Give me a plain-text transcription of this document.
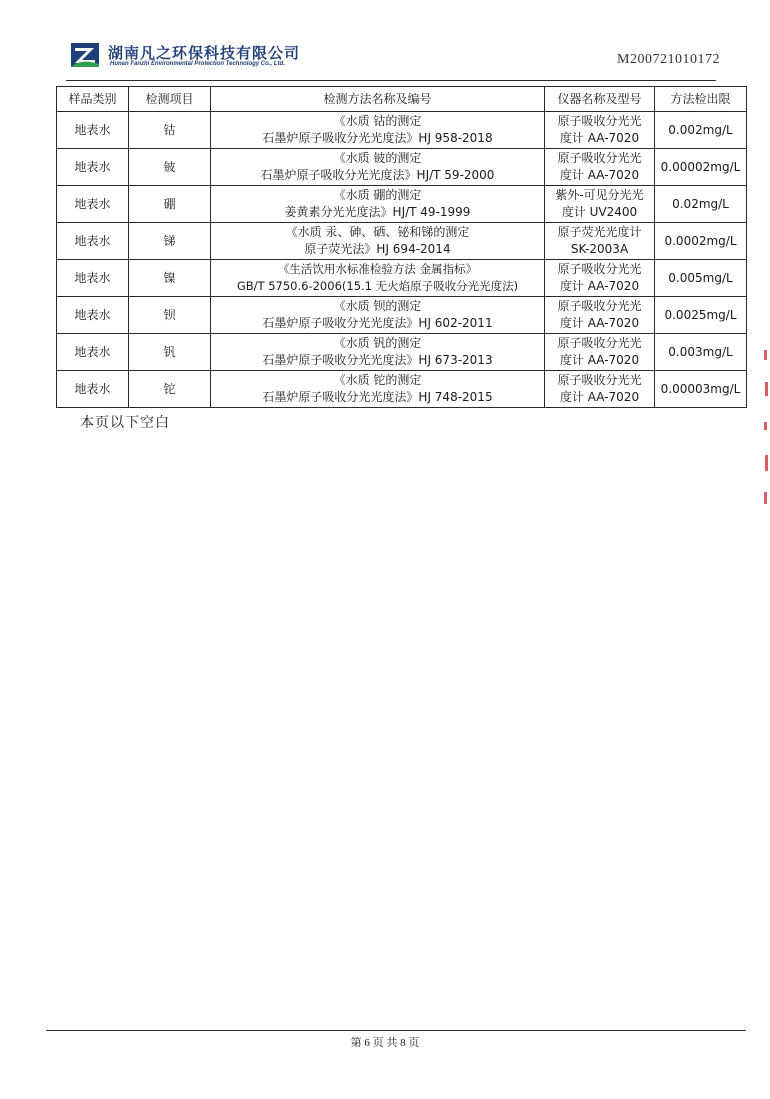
湖南凡之环保科技有限公司
Hunan Fanzhi Environmental Protection Technology Co., Ltd.	M200721010172
样品类别	检测项目	检测方法名称及编号	仪器名称及型号	方法检出限
地表水	钴	《水质 钴的测定
石墨炉原子吸收分光光度法》HJ 958-2018	原子吸收分光光
度计 AA-7020	0.002mg/L
地表水	铍	《水质 铍的测定
石墨炉原子吸收分光光度法》HJ/T 59-2000	原子吸收分光光
度计 AA-7020	0.00002mg/L
地表水	硼	《水质 硼的测定
姜黄素分光光度法》HJ/T 49-1999	紫外-可见分光光
度计 UV2400	0.02mg/L
地表水	锑	《水质 汞、砷、硒、铋和锑的测定
原子荧光法》HJ 694-2014	原子荧光光度计
SK-2003A	0.0002mg/L
地表水	镍	《生活饮用水标准检验方法 金属指标》
GB/T 5750.6-2006(15.1 无火焰原子吸收分光光度法)	原子吸收分光光
度计 AA-7020	0.005mg/L
地表水	钡	《水质 钡的测定
石墨炉原子吸收分光光度法》HJ 602-2011	原子吸收分光光
度计 AA-7020	0.0025mg/L
地表水	钒	《水质 钒的测定
石墨炉原子吸收分光光度法》HJ 673-2013	原子吸收分光光
度计 AA-7020	0.003mg/L
地表水	铊	《水质 铊的测定
石墨炉原子吸收分光光度法》HJ 748-2015	原子吸收分光光
度计 AA-7020	0.00003mg/L
本页以下空白
第 6 页 共 8 页
